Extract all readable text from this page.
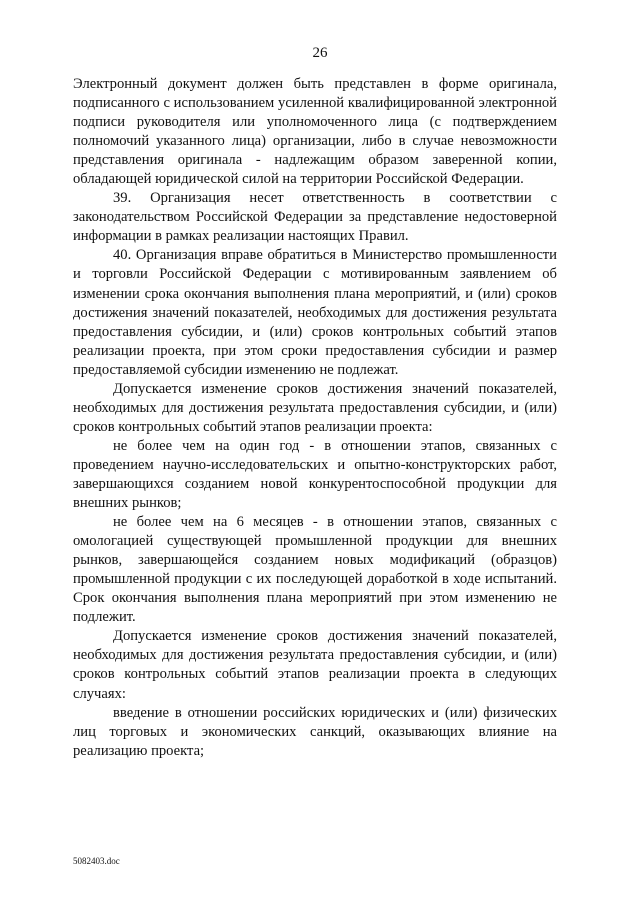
26

Электронный документ должен быть представлен в форме оригинала, подписанного с использованием усиленной квалифицированной электронной подписи руководителя или уполномоченного лица (с подтверждением полномочий указанного лица) организации, либо в случае невозможности представления оригинала - надлежащим образом заверенной копии, обладающей юридической силой на территории Российской Федерации.

39. Организация несет ответственность в соответствии с законодательством Российской Федерации за представление недостоверной информации в рамках реализации настоящих Правил.

40. Организация вправе обратиться в Министерство промышленности и торговли Российской Федерации с мотивированным заявлением об изменении срока окончания выполнения плана мероприятий, и (или) сроков достижения значений показателей, необходимых для достижения результата предоставления субсидии, и (или) сроков контрольных событий этапов реализации проекта, при этом сроки предоставления субсидии и размер предоставляемой субсидии изменению не подлежат.

Допускается изменение сроков достижения значений показателей, необходимых для достижения результата предоставления субсидии, и (или) сроков контрольных событий этапов реализации проекта:

не более чем на один год - в отношении этапов, связанных с проведением научно-исследовательских и опытно-конструкторских работ, завершающихся созданием новой конкурентоспособной продукции для внешних рынков;

не более чем на 6 месяцев - в отношении этапов, связанных с омологацией существующей промышленной продукции для внешних рынков, завершающейся созданием новых модификаций (образцов) промышленной продукции с их последующей доработкой в ходе испытаний. Срок окончания выполнения плана мероприятий при этом изменению не подлежит.

Допускается изменение сроков достижения значений показателей, необходимых для достижения результата предоставления субсидии, и (или) сроков контрольных событий этапов реализации проекта в следующих случаях:

введение в отношении российских юридических и (или) физических лиц торговых и экономических санкций, оказывающих влияние на реализацию проекта;

5082403.doc
